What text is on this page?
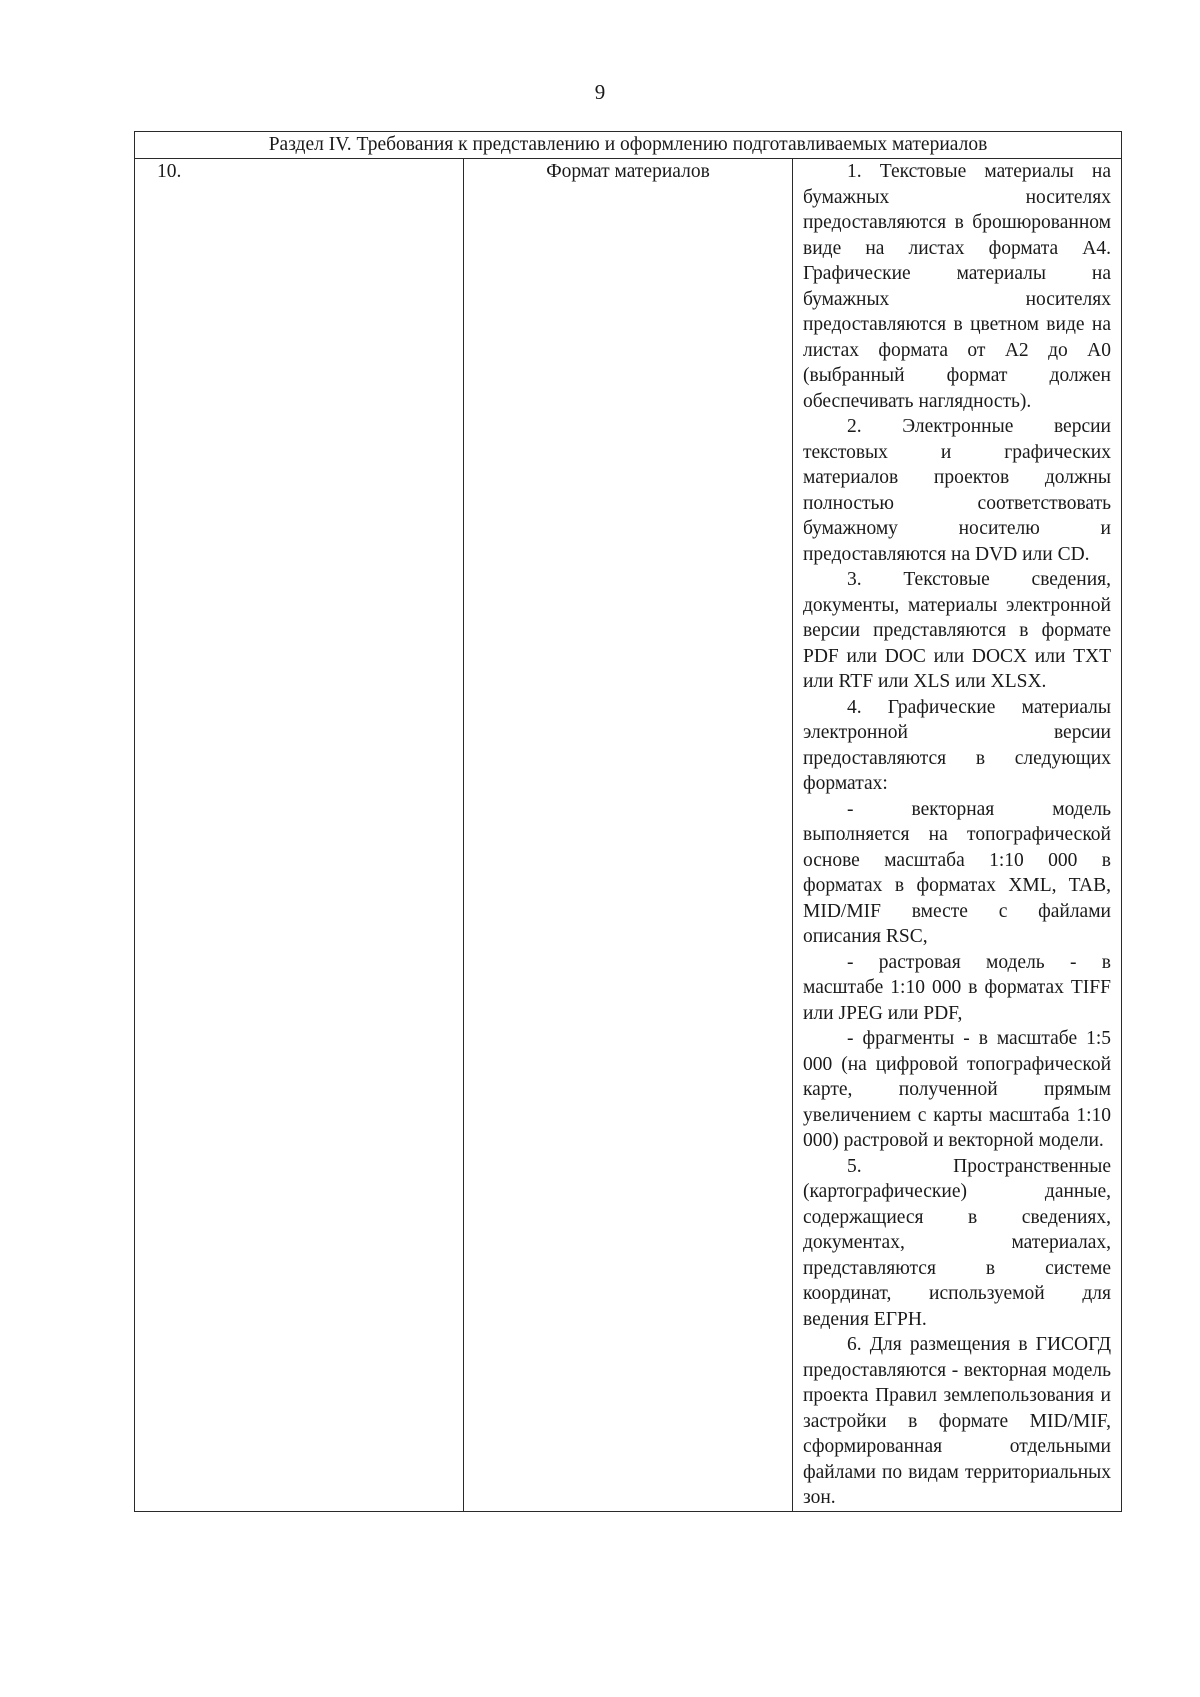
9
Раздел IV. Требования к представлению и оформлению подготавливаемых материалов
10.	Формат материалов	1. Текстовые материалы на бумажных носителях предоставляются в брошюрованном виде на листах формата А4. Графические материалы на бумажных носителях предоставляются в цветном виде на листах формата от А2 до А0 (выбранный формат должен обеспечивать наглядность).

2. Электронные версии текстовых и графических материалов проектов должны полностью соответствовать бумажному носителю и предоставляются на DVD или CD.

3. Текстовые сведения, документы, материалы электронной версии представляются в формате PDF или DOC или DOCX или TXT или RTF или XLS или XLSX.

4. Графические материалы электронной версии предоставляются в следующих форматах:

- векторная модель выполняется на топографической основе масштаба 1:10 000 в форматах в форматах XML, TAB, MID/MIF вместе с файлами описания RSC,

- растровая модель - в масштабе 1:10 000 в форматах TIFF или JPEG или PDF,

- фрагменты - в масштабе 1:5 000 (на цифровой топографической карте, полученной прямым увеличением с карты масштаба 1:10 000) растровой и векторной модели.

5. Пространственные (картографические) данные, содержащиеся в сведениях, документах, материалах, представляются в системе координат, используемой для ведения ЕГРН.

6. Для размещения в ГИСОГД предоставляются - векторная модель проекта Правил землепользования и застройки в формате MID/MIF, сформированная отдельными файлами по видам территориальных зон.
